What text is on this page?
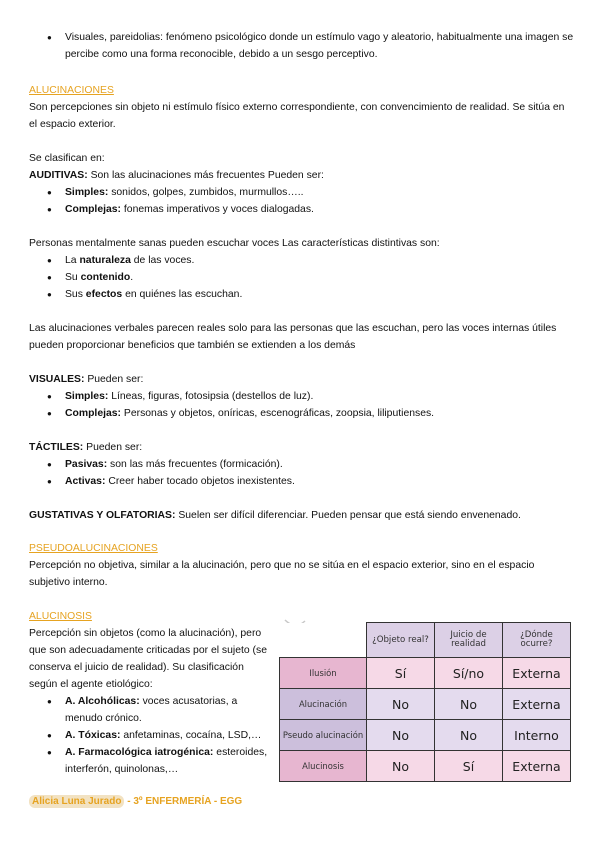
● Visuales, pareidolias: fenómeno psicológico donde un estímulo vago y aleatorio, habitualmente una imagen se percibe como una forma reconocible, debido a un sesgo perceptivo.

ALUCINACIONES

Son percepciones sin objeto ni estímulo físico externo correspondiente, con convencimiento de realidad. Se sitúa en el espacio exterior.

Se clasifican en:

AUDITIVAS: Son las alucinaciones más frecuentes Pueden ser:

● Simples: sonidos, golpes, zumbidos, murmullos…..
● Complejas: fonemas imperativos y voces dialogadas.

Personas mentalmente sanas pueden escuchar voces Las características distintivas son:

● La naturaleza de las voces.
● Su contenido.
● Sus efectos en quiénes las escuchan.

Las alucinaciones verbales parecen reales solo para las personas que las escuchan, pero las voces internas útiles pueden proporcionar beneficios que también se extienden a los demás

VISUALES: Pueden ser:

● Simples: Líneas, figuras, fotosipsia (destellos de luz).
● Complejas: Personas y objetos, oníricas, escenográficas, zoopsia, liliputienses.

TÁCTILES: Pueden ser:

● Pasivas: son las más frecuentes (formicación).
● Activas: Creer haber tocado objetos inexistentes.

GUSTATIVAS Y OLFATORIAS: Suelen ser difícil diferenciar. Pueden pensar que está siendo envenenado.

PSEUDOALUCINACIONES

Percepción no objetiva, similar a la alucinación, pero que no se sitúa en el espacio exterior, sino en el espacio subjetivo interno.

ALUCINOSIS

Percepción sin objetos (como la alucinación), pero que son adecuadamente criticadas por el sujeto (se conserva el juicio de realidad). Su clasificación según el agente etiológico:

● A. Alcohólicas: voces acusatorias, a menudo crónico.
● A. Tóxicas: anfetaminas, cocaína, LSD,…
● A. Farmacológica iatrogénica: esteroides, interferón, quinolonas,…
	¿Objeto real?	Juicio de realidad	¿Dónde ocurre?
Ilusión	Sí	Sí/no	Externa
Alucinación	No	No	Externa
Pseudo alucinación	No	No	Interno
Alucinosis	No	Sí	Externa
Alicia Luna Jurado - 3º ENFERMERÍA - EGG
